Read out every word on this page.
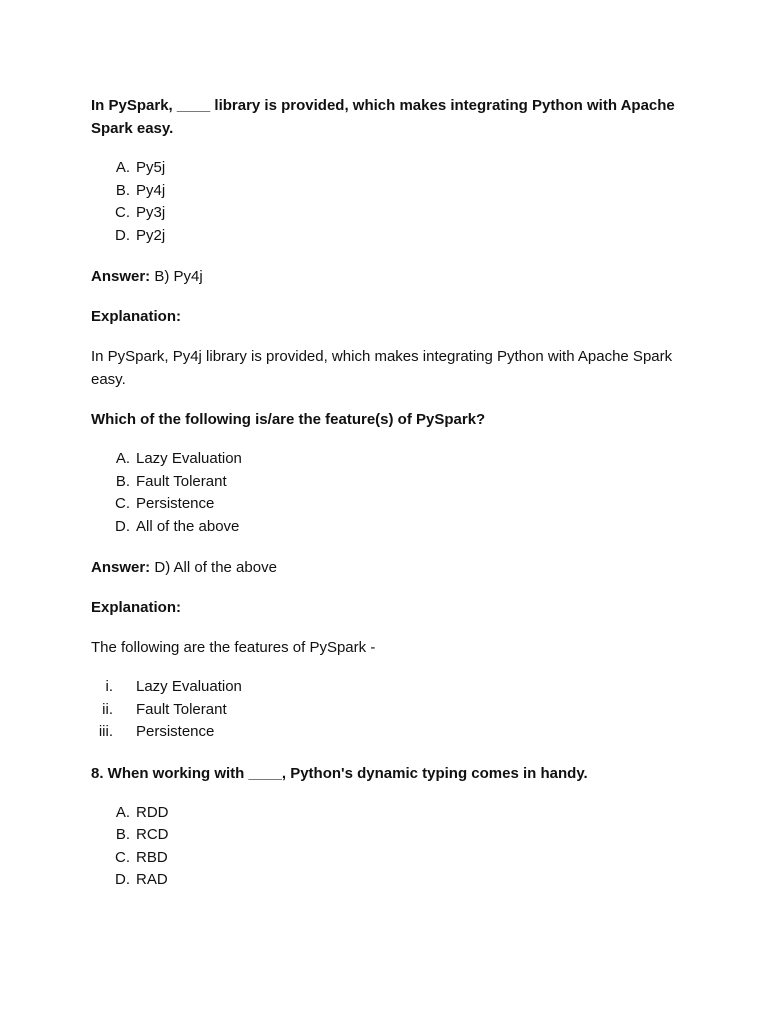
In PySpark, ____ library is provided, which makes integrating Python with Apache Spark easy.

A. Py5j
B. Py4j
C. Py3j
D. Py2j

Answer: B) Py4j

Explanation:

In PySpark, Py4j library is provided, which makes integrating Python with Apache Spark easy.

Which of the following is/are the feature(s) of PySpark?

A. Lazy Evaluation
B. Fault Tolerant
C. Persistence
D. All of the above

Answer: D) All of the above

Explanation:

The following are the features of PySpark -

i.	Lazy Evaluation
ii.	Fault Tolerant
iii.	Persistence

8. When working with ____, Python's dynamic typing comes in handy.

A. RDD
B. RCD
C. RBD
D. RAD
